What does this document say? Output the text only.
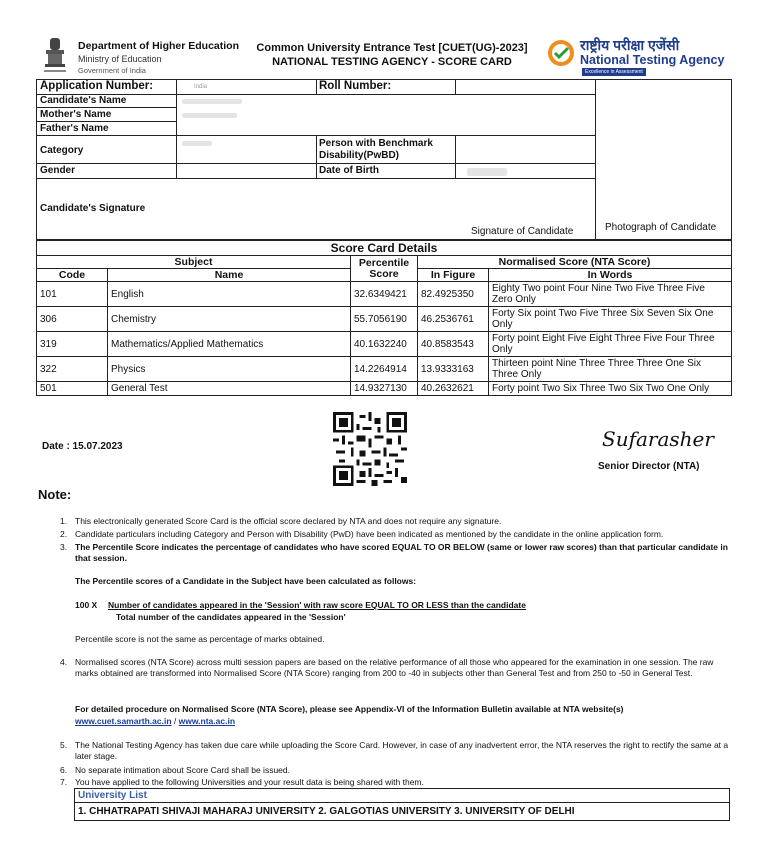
Department of Higher Education
Ministry of Education
Government of India
Common University Entrance Test [CUET(UG)-2023]
NATIONAL TESTING AGENCY - SCORE CARD
राष्ट्रीय परीक्षा एजेंसी
National Testing Agency
Excellence in Assessment
Application Number:	India	Roll Number:
Candidate's Name
Mother's Name
Father's Name
Category
Person with Benchmark Disability(PwBD)
Gender	Date of Birth
Candidate's Signature
Signature of Candidate	Photograph of Candidate
Score Card Details				
Subject		Percentile Score	Normalised Score (NTA Score)	
Code	Name		In Figure	In Words
101	English	32.6349421	82.4925350	Eighty Two point Four Nine Two Five Three Five Zero Only
306	Chemistry	55.7056190	46.2536761	Forty Six point Two Five Three Six Seven Six One Only
319	Mathematics/Applied Mathematics	40.1632240	40.8583543	Forty point Eight Five Eight Three Five Four Three Only
322	Physics	14.2264914	13.9333163	Thirteen point Nine Three Three Three One Six Three Only
501	General Test	14.9327130	40.2632621	Forty point Two Six Three Two Six Two One Only
Date : 15.07.2023	Sufarasher
Senior Director (NTA)
Note:
1. This electronically generated Score Card is the official score declared by NTA and does not require any signature.
2. Candidate particulars including Category and Person with Disability (PwD) have been indicated as mentioned by the candidate in the online application form.
3. The Percentile Score indicates the percentage of candidates who have scored EQUAL TO OR BELOW (same or lower raw scores) than that particular candidate in that session.
The Percentile scores of a Candidate in the Subject have been calculated as follows:
100 X	Number of candidates appeared in the 'Session' with raw score EQUAL TO OR LESS than the candidate
Total number of the candidates appeared in the 'Session'
Percentile score is not the same as percentage of marks obtained.
4. Normalised scores (NTA Score) across multi session papers are based on the relative performance of all those who appeared for the examination in one session. The raw marks obtained are transformed into Normalised Score (NTA Score) ranging from 200 to -40 in subjects other than General Test and from 250 to -50 in General Test.
For detailed procedure on Normalised Score (NTA Score), please see Appendix-VI of the Information Bulletin available at NTA website(s)
www.cuet.samarth.ac.in / www.nta.ac.in
5. The National Testing Agency has taken due care while uploading the Score Card. However, in case of any inadvertent error, the NTA reserves the right to rectify the same at a later stage.
6. No separate intimation about Score Card shall be issued.
7. You have applied to the following Universities and your result data is being shared with them.
University List
1. CHHATRAPATI SHIVAJI MAHARAJ UNIVERSITY 2. GALGOTIAS UNIVERSITY 3. UNIVERSITY OF DELHI
